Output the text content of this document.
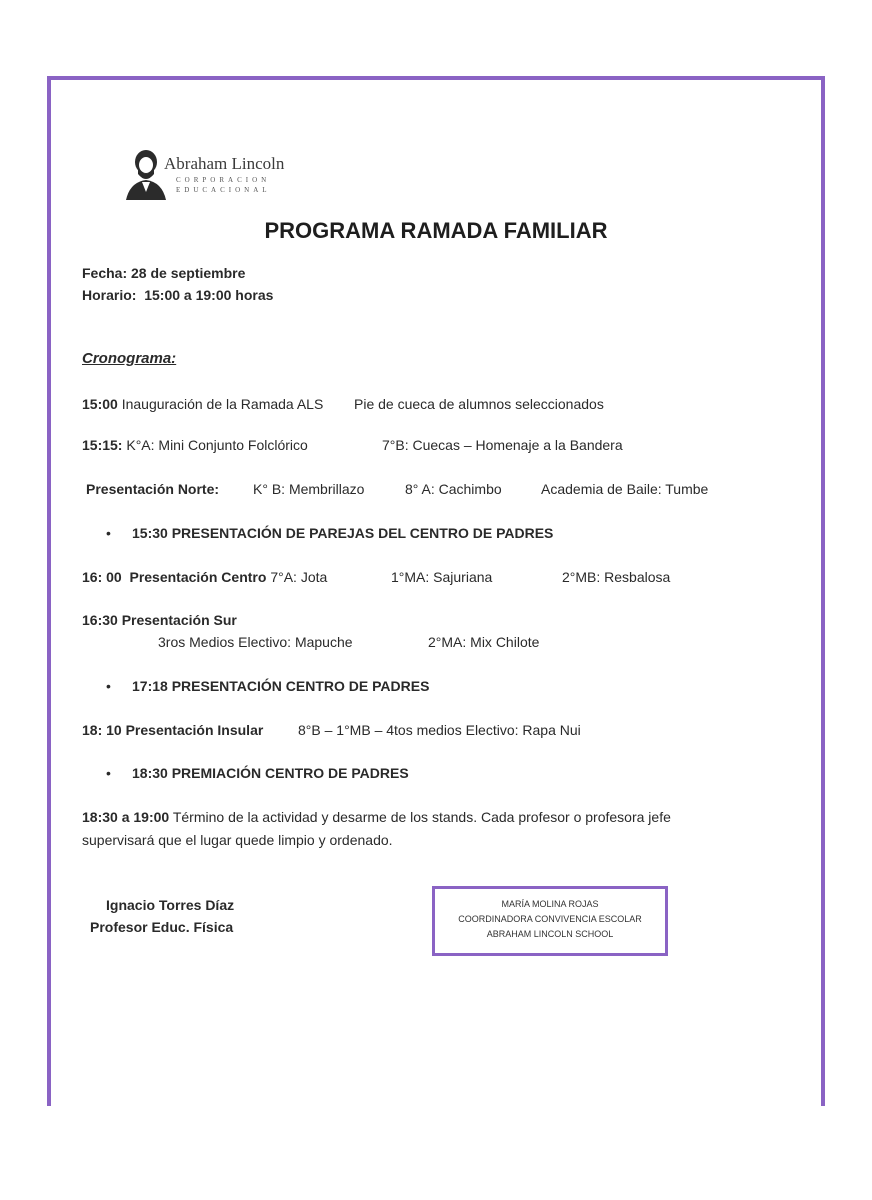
Abraham Lincoln
CORPORACION
EDUCACIONAL
PROGRAMA RAMADA FAMILIAR
Fecha: 28 de septiembre
Horario: 15:00 a 19:00 horas
Cronograma:
15:00 Inauguración de la Ramada ALS Pie de cueca de alumnos seleccionados
15:15: K°A: Mini Conjunto Folclórico	7°B: Cuecas – Homenaje a la Bandera
Presentación Norte: K° B: Membrillazo	8° A: Cachimbo	Academia de Baile: Tumbe
• 15:30 PRESENTACIÓN DE PAREJAS DEL CENTRO DE PADRES
16: 00 Presentación Centro 7°A: Jota	1°MA: Sajuriana	2°MB: Resbalosa
16:30 Presentación Sur
3ros Medios Electivo: Mapuche	2°MA: Mix Chilote
• 17:18 PRESENTACIÓN CENTRO DE PADRES
18: 10 Presentación Insular 8°B – 1°MB – 4tos medios Electivo: Rapa Nui
• 18:30 PREMIACIÓN CENTRO DE PADRES
18:30 a 19:00 Término de la actividad y desarme de los stands. Cada profesor o profesora jefe
supervisará que el lugar quede limpio y ordenado.
Ignacio Torres Díaz
Profesor Educ. Física
MARÍA MOLINA ROJAS
COORDINADORA CONVIVENCIA ESCOLAR
ABRAHAM LINCOLN SCHOOL
